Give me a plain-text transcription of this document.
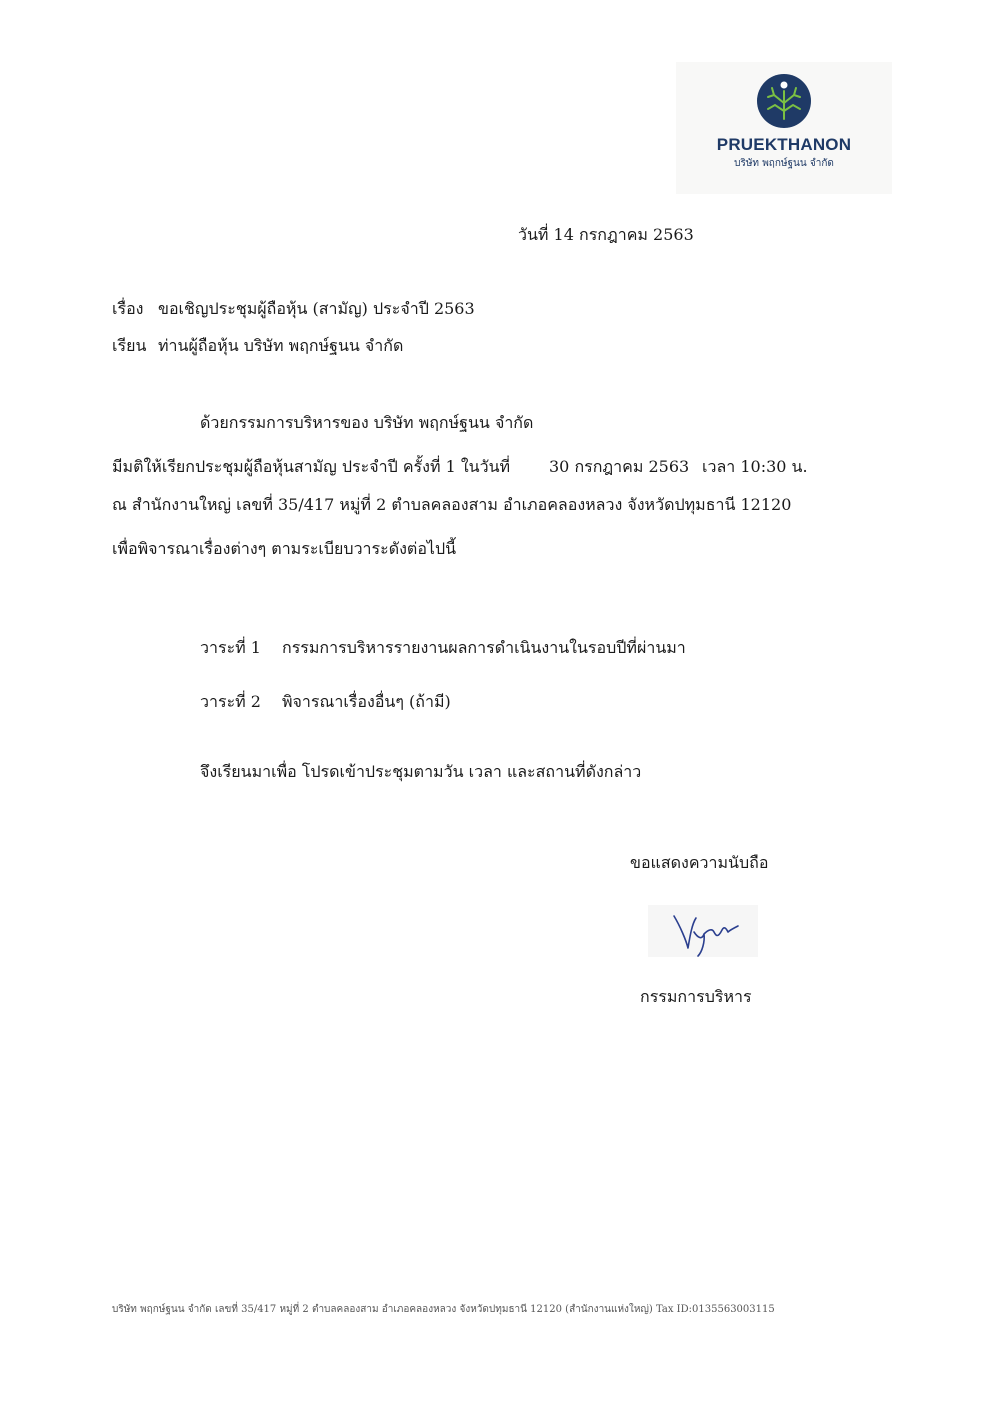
PRUEKTHANON
บริษัท พฤกษ์ฐนน จำกัด
วันที่ 14 กรกฎาคม 2563
เรื่อง ขอเชิญประชุมผู้ถือหุ้น (สามัญ) ประจำปี 2563
เรียน ท่านผู้ถือหุ้น บริษัท พฤกษ์ฐนน จำกัด
ด้วยกรรมการบริหารของ บริษัท พฤกษ์ฐนน จำกัด
มีมติให้เรียกประชุมผู้ถือหุ้นสามัญ ประจำปี ครั้งที่ 1 ในวันที่ 30 กรกฎาคม 2563 เวลา 10:30 น.
ณ สำนักงานใหญ่ เลขที่ 35/417 หมู่ที่ 2 ตำบลคลองสาม อำเภอคลองหลวง จังหวัดปทุมธานี 12120
เพื่อพิจารณาเรื่องต่างๆ ตามระเบียบวาระดังต่อไปนี้
วาระที่ 1 กรรมการบริหารรายงานผลการดำเนินงานในรอบปีที่ผ่านมา
วาระที่ 2 พิจารณาเรื่องอื่นๆ (ถ้ามี)
จึงเรียนมาเพื่อ โปรดเข้าประชุมตามวัน เวลา และสถานที่ดังกล่าว
ขอแสดงความนับถือ
กรรมการบริหาร
บริษัท พฤกษ์ฐนน จำกัด เลขที่ 35/417 หมู่ที่ 2 ตำบลคลองสาม อำเภอคลองหลวง จังหวัดปทุมธานี 12120 (สำนักงานแห่งใหญ่) Tax ID:0135563003115
